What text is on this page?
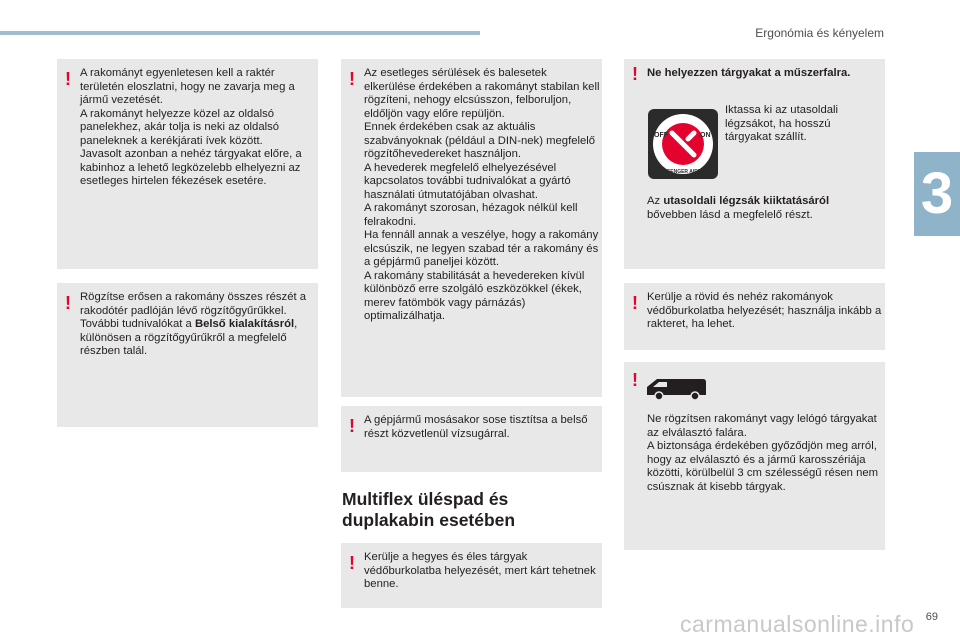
Ergonómia és kényelem
3
! A rakományt egyenletesen kell a raktér területén eloszlatni, hogy ne zavarja meg a jármű vezetését.
A rakományt helyezze közel az oldalsó panelekhez, akár tolja is neki az oldalsó paneleknek a kerékjárati ívek között.
Javasolt azonban a nehéz tárgyakat előre, a kabinhoz a lehető legközelebb elhelyezni az esetleges hirtelen fékezések esetére.

! Rögzítse erősen a rakomány összes részét a rakodótér padlóján lévő rögzítőgyűrűkkel.
További tudnivalókat a Belső kialakításról, különösen a rögzítőgyűrűkről a megfelelő részben talál.

! Az esetleges sérülések és balesetek elkerülése érdekében a rakományt stabilan kell rögzíteni, nehogy elcsússzon, felboruljon, eldőljön vagy előre repüljön.
Ennek érdekében csak az aktuális szabványoknak (például a DIN-nek) megfelelő rögzítőhevedereket használjon.
A hevederek megfelelő elhelyezésével kapcsolatos további tudnivalókat a gyártó használati útmutatójában olvashat.
A rakományt szorosan, hézagok nélkül kell felrakodni.
Ha fennáll annak a veszélye, hogy a rakomány elcsúszik, ne legyen szabad tér a rakomány és a gépjármű paneljei között.
A rakomány stabilitását a hevedereken kívül különböző erre szolgáló eszközökkel (ékek, merev fatömbök vagy párnázás) optimalizálhatja.

! A gépjármű mosásakor sose tisztítsa a belső részt közvetlenül vízsugárral.

Multiflex üléspad és duplakabin esetében
! Kerülje a hegyes és éles tárgyak védőburkolatba helyezését, mert kárt tehetnek benne.

! Ne helyezzen tárgyakat a műszerfalra.

Iktassa ki az utasoldali légzsákot, ha hosszú tárgyakat szállít.

Az utasoldali légzsák kiiktatásáról bővebben lásd a megfelelő részt.

OFF	ON
PASSENGER AIRBAG
! Kerülje a rövid és nehéz rakományok védőburkolatba helyezését; használja inkább a rakteret, ha lehet.

!

Ne rögzítsen rakományt vagy lelógó tárgyakat az elválasztó falára.
A biztonsága érdekében győződjön meg arról, hogy az elválasztó és a jármű karosszériája közötti, körülbelül 3 cm szélességű résen nem csúsznak át kisebb tárgyak.

carmanualsonline.info 69
